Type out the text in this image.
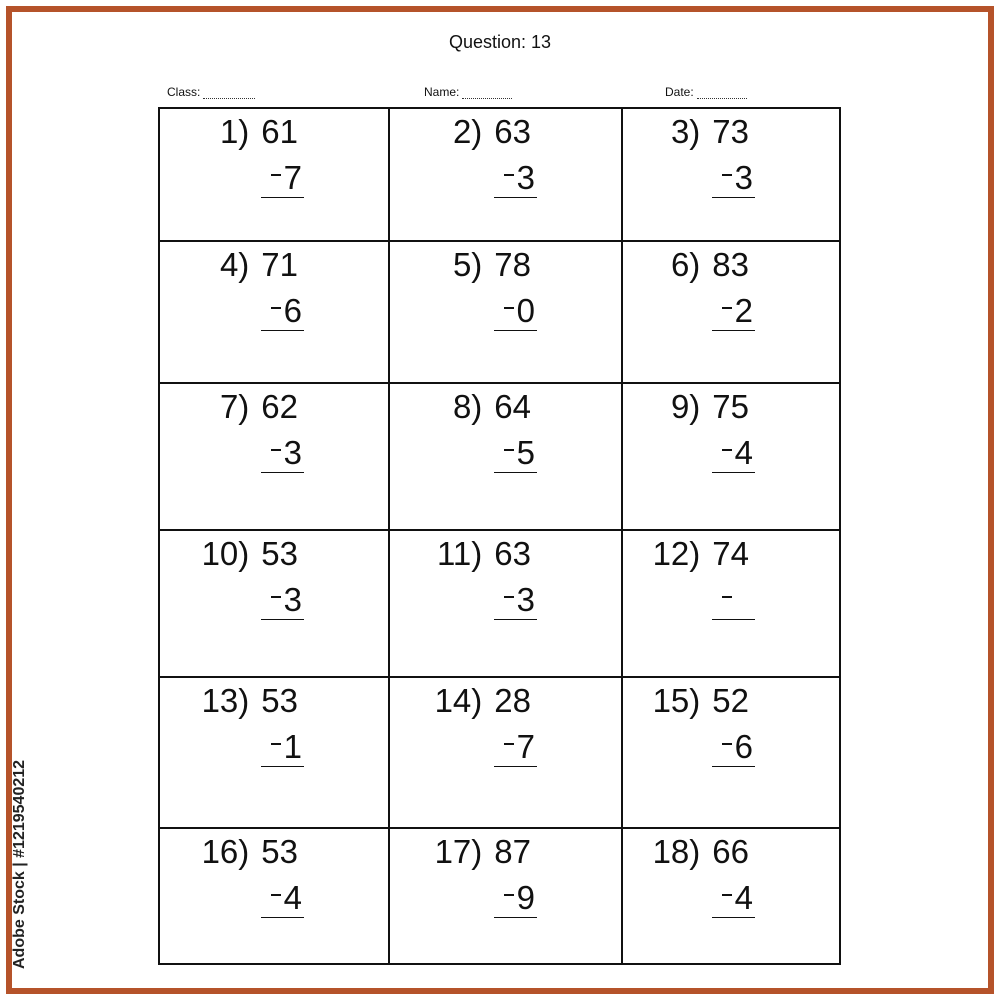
Question: 13
Class:	Name:	Date:
1) 61
7
2) 63
3
3) 73
3
4) 71
6
5) 78
0
6) 83
2
7) 62
3
8) 64
5
9) 75
4
10) 53
3
11) 63
3
12) 74
13) 53
1
14) 28
7
15) 52
6
16) 53
4
17) 87
9
18) 66
4
Adobe Stock | #1219540212
